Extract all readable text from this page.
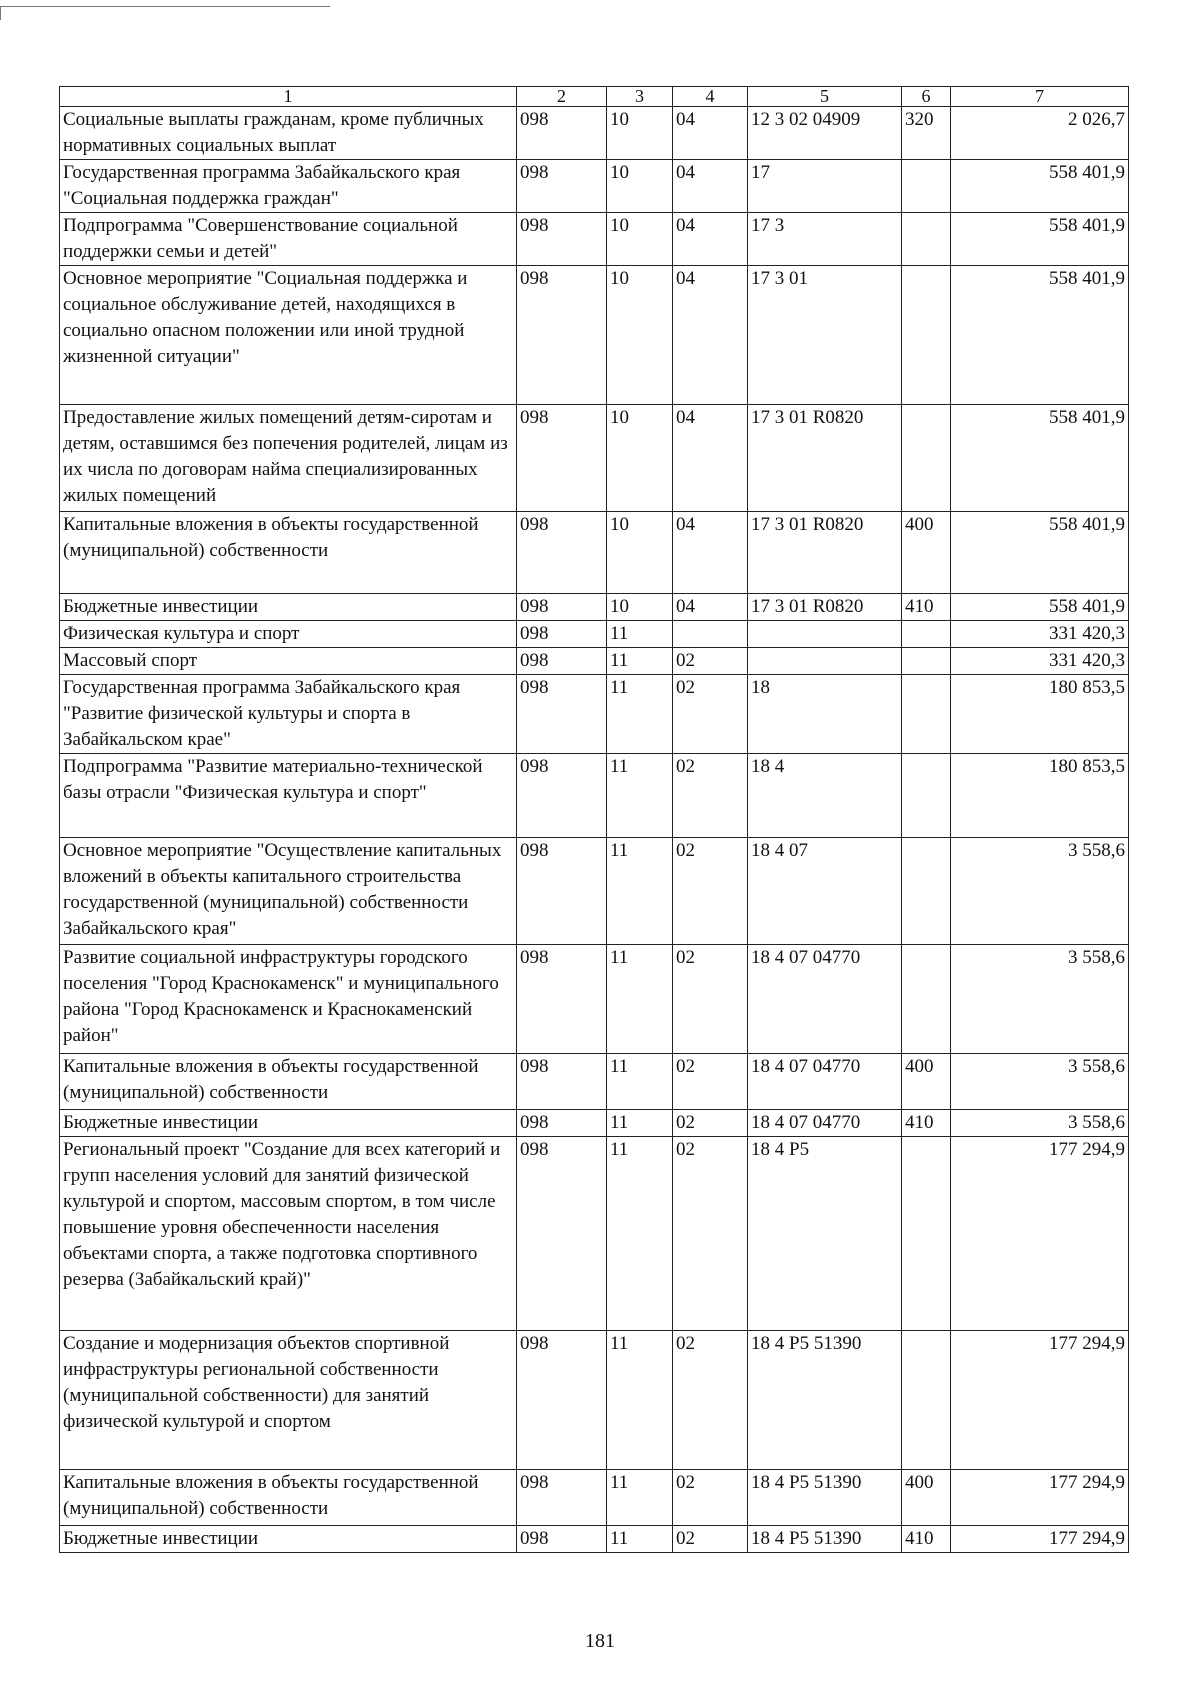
1	2	3	4	5	6	7
Социальные выплаты гражданам, кроме публичных нормативных социальных выплат	098	10	04	12 3 02 04909	320	2 026,7
Государственная программа Забайкальского края "Социальная поддержка граждан"	098	10	04	17		558 401,9
Подпрограмма "Совершенствование социальной поддержки семьи и детей"	098	10	04	17 3		558 401,9
Основное мероприятие "Социальная поддержка и социальное обслуживание детей, находящихся в социально опасном положении или иной трудной жизненной ситуации"	098	10	04	17 3 01		558 401,9
Предоставление жилых помещений детям-сиротам и детям, оставшимся без попечения родителей, лицам из их числа по договорам найма специализированных жилых помещений	098	10	04	17 3 01 R0820		558 401,9
Капитальные вложения в объекты государственной (муниципальной) собственности	098	10	04	17 3 01 R0820	400	558 401,9
Бюджетные инвестиции	098	10	04	17 3 01 R0820	410	558 401,9
Физическая культура и спорт	098	11				331 420,3
Массовый спорт	098	11	02			331 420,3
Государственная программа Забайкальского края "Развитие физической культуры и спорта в Забайкальском крае"	098	11	02	18		180 853,5
Подпрограмма "Развитие материально-технической базы отрасли "Физическая культура и спорт"	098	11	02	18 4		180 853,5
Основное мероприятие "Осуществление капитальных вложений в объекты капитального строительства государственной (муниципальной) собственности Забайкальского края"	098	11	02	18 4 07		3 558,6
Развитие социальной инфраструктуры городского поселения "Город Краснокаменск" и муниципального района "Город Краснокаменск и Краснокаменский район"	098	11	02	18 4 07 04770		3 558,6
Капитальные вложения в объекты государственной (муниципальной) собственности	098	11	02	18 4 07 04770	400	3 558,6
Бюджетные инвестиции	098	11	02	18 4 07 04770	410	3 558,6
Региональный проект "Создание для всех категорий и групп населения условий для занятий физической культурой и спортом, массовым спортом, в том числе повышение уровня обеспеченности населения объектами спорта, а также подготовка спортивного резерва (Забайкальский край)"	098	11	02	18 4 P5		177 294,9
Создание и модернизация объектов спортивной инфраструктуры региональной собственности (муниципальной собственности) для занятий физической культурой и спортом	098	11	02	18 4 P5 51390		177 294,9
Капитальные вложения в объекты государственной (муниципальной) собственности	098	11	02	18 4 P5 51390	400	177 294,9
Бюджетные инвестиции	098	11	02	18 4 P5 51390	410	177 294,9
181
